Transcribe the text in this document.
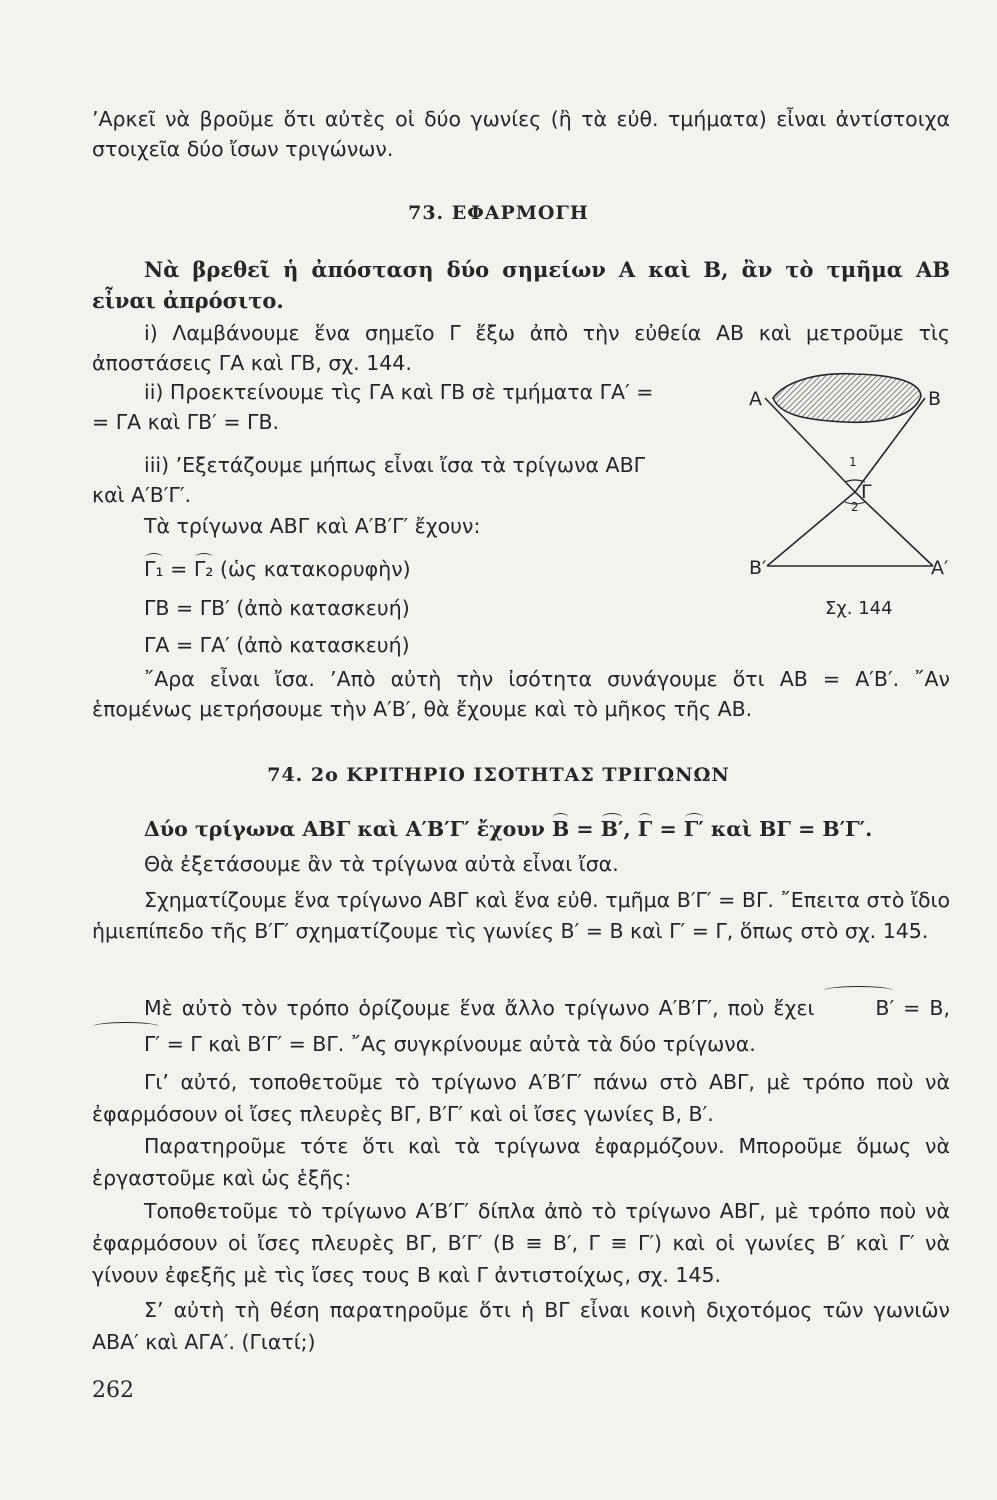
’Αρκεῖ νὰ βροῦμε ὅτι αὐτὲς οἱ δύο γωνίες (ἢ τὰ εὐθ. τμήματα) εἶναι ἀντίστοιχα στοιχεῖα δύο ἴσων τριγώνων.
73. ΕΦΑΡΜΟΓΗ
Νὰ βρεθεῖ ἡ ἀπόσταση δύο σημείων Α καὶ Β, ἂν τὸ τμῆμα ΑΒ εἶναι ἀπρόσιτο.
i) Λαμβάνουμε ἕνα σημεῖο Γ ἔξω ἀπὸ τὴν εὐθεία ΑΒ καὶ μετροῦμε τὶς ἀποστάσεις ΓΑ καὶ ΓΒ, σχ. 144.
ii) Προεκτείνουμε τὶς ΓΑ καὶ ΓΒ σὲ τμήματα ΓΑ′ =
= ΓΑ καὶ ΓΒ′ = ΓΒ.
iii) ’Εξετάζουμε μήπως εἶναι ἴσα τὰ τρίγωνα ΑΒΓ
καὶ Α′Β′Γ′.
Τὰ τρίγωνα ΑΒΓ καὶ Α′Β′Γ′ ἔχουν:
Γ₁ = Γ₂ (ὡς κατακορυφὴν)
ΓΒ = ΓΒ′ (ἀπὸ κατασκευή)
ΓΑ = ΓΑ′ (ἀπὸ κατασκευή)
῎Αρα εἶναι ἴσα. ’Απὸ αὐτὴ τὴν ἰσότητα συνάγουμε ὅτι ΑΒ = Α′Β′. ῎Αν ἑπομένως μετρήσουμε τὴν Α′Β′, θὰ ἔχουμε καὶ τὸ μῆκος τῆς ΑΒ.
Α	Β
1
Γ
2
Β′	Α′
Σχ. 144
74. 2ο ΚΡΙΤΗΡΙΟ ΙΣΟΤΗΤΑΣ ΤΡΙΓΩΝΩΝ
Δύο τρίγωνα ΑΒΓ καὶ Α′Β′Γ′ ἔχουν Β = Β′, Γ = Γ′ καὶ ΒΓ = Β′Γ′.
Θὰ ἐξετάσουμε ἂν τὰ τρίγωνα αὐτὰ εἶναι ἴσα.
Σχηματίζουμε ἕνα τρίγωνο ΑΒΓ καὶ ἕνα εὐθ. τμῆμα Β′Γ′ = ΒΓ. ῎Επειτα στὸ ἴδιο ἡμιεπίπεδο τῆς Β′Γ′ σχηματίζουμε τὶς γωνίες Β′ = Β καὶ Γ′ = Γ, ὅπως στὸ σχ. 145.
Μὲ αὐτὸ τὸν τρόπο ὁρίζουμε ἕνα ἄλλο τρίγωνο Α′Β′Γ′, ποὺ ἔχει	Β′ = Β, Γ′ = Γ καὶ Β′Γ′ = ΒΓ. ῎Ας συγκρίνουμε αὐτὰ τὰ δύο τρίγωνα.
Γι’ αὐτό, τοποθετοῦμε τὸ τρίγωνο Α′Β′Γ′ πάνω στὸ ΑΒΓ, μὲ τρόπο ποὺ νὰ ἐφαρμόσουν οἱ ἴσες πλευρὲς ΒΓ, Β′Γ′ καὶ οἱ ἴσες γωνίες Β, Β′.
Παρατηροῦμε τότε ὅτι καὶ τὰ τρίγωνα ἐφαρμόζουν. Μποροῦμε ὅμως νὰ ἐργαστοῦμε καὶ ὡς ἑξῆς:
Τοποθετοῦμε τὸ τρίγωνο Α′Β′Γ′ δίπλα ἀπὸ τὸ τρίγωνο ΑΒΓ, μὲ τρόπο ποὺ νὰ ἐφαρμόσουν οἱ ἴσες πλευρὲς ΒΓ, Β′Γ′ (Β ≡ Β′, Γ ≡ Γ′) καὶ οἱ γωνίες Β′ καὶ Γ′ νὰ γίνουν ἐφεξῆς μὲ τὶς ἴσες τους Β καὶ Γ ἀντιστοίχως, σχ. 145.
Σ’ αὐτὴ τὴ θέση παρατηροῦμε ὅτι ἡ ΒΓ εἶναι κοινὴ διχοτόμος τῶν γωνιῶν ΑΒΑ′ καὶ ΑΓΑ′. (Γιατί;)
262
